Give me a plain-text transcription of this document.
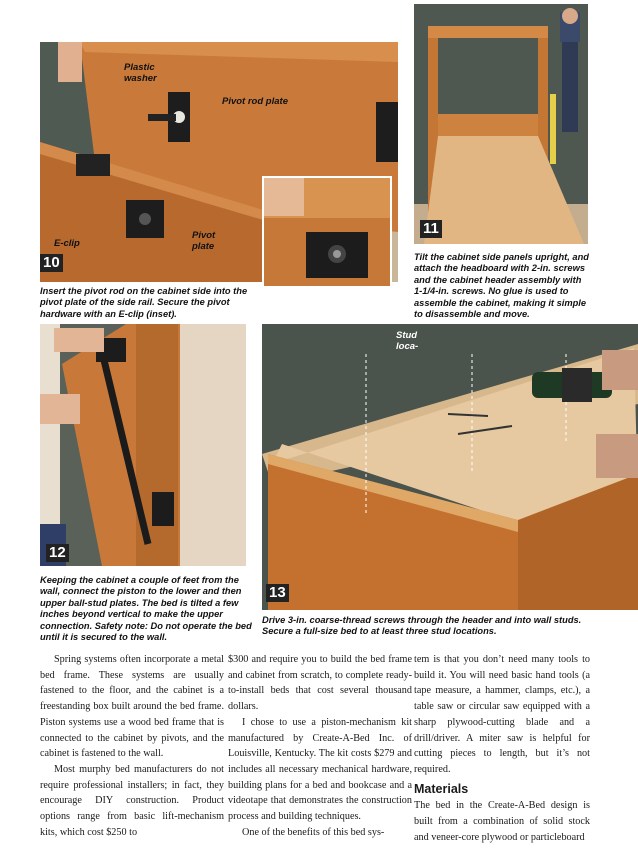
Plastic
washer
Pivot rod plate
Pivot
plate
E-clip
10
Insert the pivot rod on the cabinet side into the pivot plate of the side rail. Secure the pivot hardware with an E-clip (inset).
11
Tilt the cabinet side panels upright, and attach the headboard with 2-in. screws and the cabinet header assembly with 1-1/4-in. screws. No glue is used to assemble the cabinet, making it simple to disassemble and move.
12
Keeping the cabinet a couple of feet from the wall, connect the piston to the lower and then upper ball-stud plates. The bed is tilted a few inches beyond vertical to make the upper connection. Safety note: Do not operate the bed until it is secured to the wall.
Stud
loca-
13
Drive 3-in. coarse-thread screws through the header and into wall studs. Secure a full-size bed to at least three stud locations.

Spring systems often incorporate a metal bed frame. These systems are usually fastened to the floor, and the cabinet is a freestanding box built around the bed frame. Piston systems use a wood bed frame that is connected to the cabinet by pivots, and the cabinet is fastened to the wall.

Most murphy bed manufacturers do not require professional installers; in fact, they encourage DIY construction. Product options range from basic lift-mechanism kits, which cost $250 to

$300 and require you to build the bed frame and cabinet from scratch, to complete ready-to-install beds that cost several thousand dollars.

I chose to use a piston-mechanism kit manufactured by Create-A-Bed Inc. of Louisville, Kentucky. The kit costs $279 and includes all necessary mechanical hardware, building plans for a bed and bookcase and a videotape that demonstrates the construction process and building techniques.

One of the benefits of this bed sys-

tem is that you don’t need many tools to build it. You will need basic hand tools (a tape measure, a hammer, clamps, etc.), a table saw or circular saw equipped with a sharp plywood-cutting blade and a drill/driver. A miter saw is helpful for cutting pieces to length, but it’s not required.

Materials

The bed in the Create-A-Bed design is built from a combination of solid stock and veneer-core plywood or particleboard
